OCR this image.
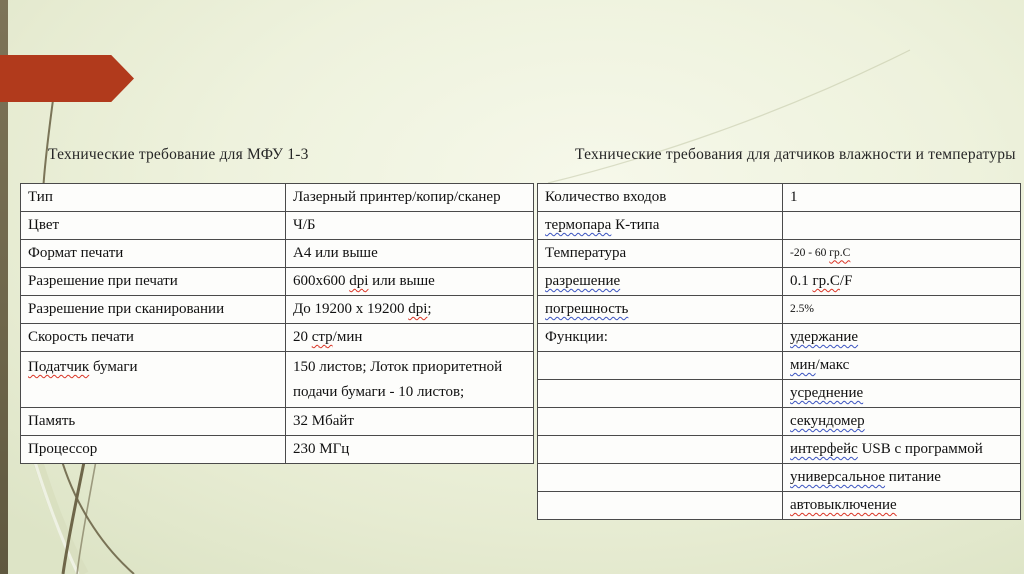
Технические требование для МФУ 1-3	Технические требования для датчиков влажности и температуры
Тип	Лазерный принтер/копир/сканер
Цвет	Ч/Б
Формат печати	А4 или выше
Разрешение при печати	600x600 dpi или выше
Разрешение при сканировании	До 19200 х 19200 dpi;
Скорость печати	20 стр/мин
Податчик бумаги	150 листов; Лоток приоритетной подачи бумаги - 10 листов;
Память	32 Мбайт
Процессор	230 МГц
Количество входов	1
термопара К-типа	
Температура	-20 - 60 гр.С
разрешение	0.1 гр.С/F
погрешность	2.5%
Функции:	удержание
	мин/макс
	усреднение
	секундомер
	интерфейс USB с программой
	универсальное питание
	автовыключение
